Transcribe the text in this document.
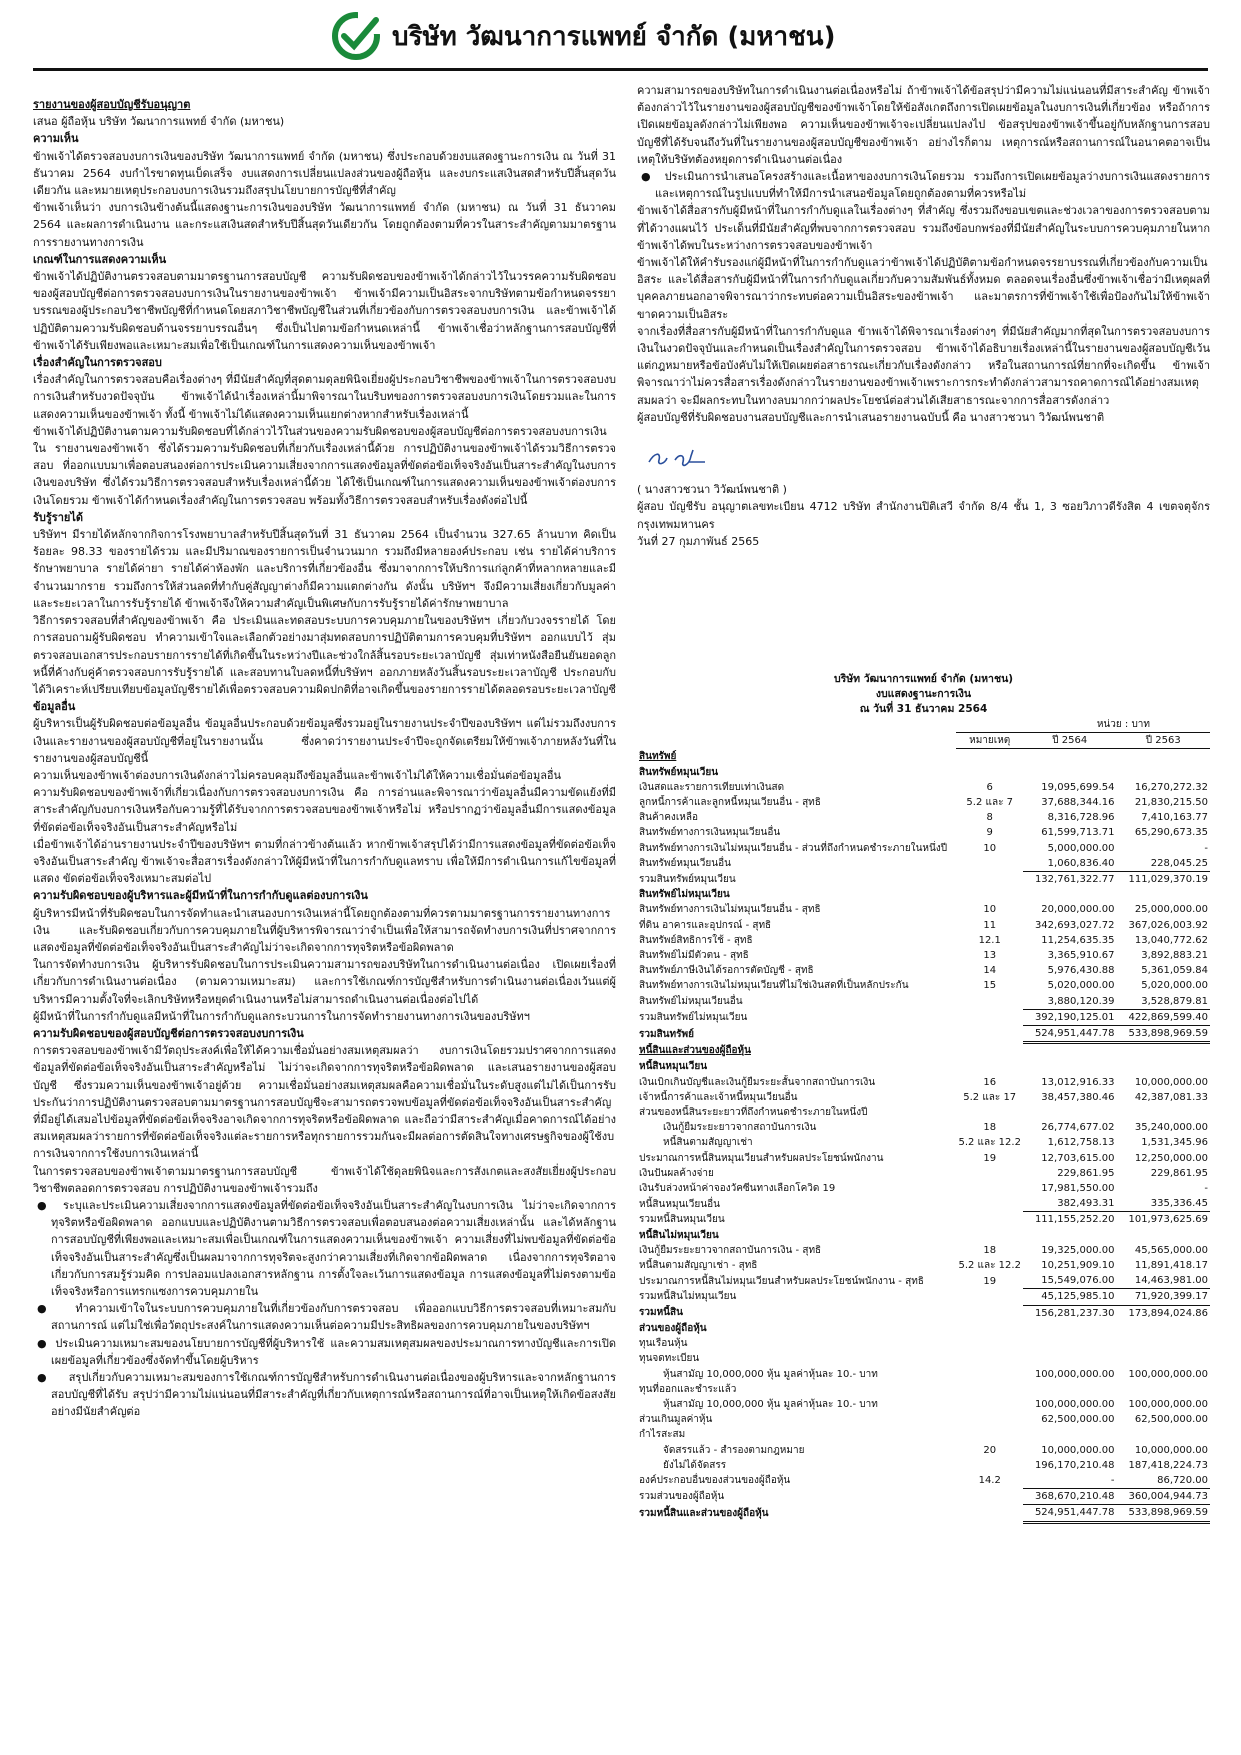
บริษัท วัฒนาการแพทย์ จำกัด (มหาชน)

รายงานของผู้สอบบัญชีรับอนุญาต

เสนอ ผู้ถือหุ้น บริษัท วัฒนาการแพทย์ จำกัด (มหาชน)

ความเห็น

ข้าพเจ้าได้ตรวจสอบงบการเงินของบริษัท วัฒนาการแพทย์ จำกัด (มหาชน) ซึ่งประกอบด้วยงบแสดงฐานะการเงิน ณ วันที่ 31 ธันวาคม 2564 งบกำไรขาดทุนเบ็ดเสร็จ งบแสดงการเปลี่ยนแปลงส่วนของผู้ถือหุ้น และงบกระแสเงินสดสำหรับปีสิ้นสุดวันเดียวกัน และหมายเหตุประกอบงบการเงินรวมถึงสรุปนโยบายการบัญชีที่สำคัญ

ข้าพเจ้าเห็นว่า งบการเงินข้างต้นนี้แสดงฐานะการเงินของบริษัท วัฒนาการแพทย์ จำกัด (มหาชน) ณ วันที่ 31 ธันวาคม 2564 และผลการดำเนินงาน และกระแสเงินสดสำหรับปีสิ้นสุดวันเดียวกัน โดยถูกต้องตามที่ควรในสาระสำคัญตามมาตรฐานการรายงานทางการเงิน

เกณฑ์ในการแสดงความเห็น

ข้าพเจ้าได้ปฏิบัติงานตรวจสอบตามมาตรฐานการสอบบัญชี ความรับผิดชอบของข้าพเจ้าได้กล่าวไว้ในวรรคความรับผิดชอบของผู้สอบบัญชีต่อการตรวจสอบงบการเงินในรายงานของข้าพเจ้า ข้าพเจ้ามีความเป็นอิสระจากบริษัทตามข้อกำหนดจรรยาบรรณของผู้ประกอบวิชาชีพบัญชีที่กำหนดโดยสภาวิชาชีพบัญชีในส่วนที่เกี่ยวข้องกับการตรวจสอบงบการเงิน และข้าพเจ้าได้ปฏิบัติตามความรับผิดชอบด้านจรรยาบรรณอื่นๆ ซึ่งเป็นไปตามข้อกำหนดเหล่านี้ ข้าพเจ้าเชื่อว่าหลักฐานการสอบบัญชีที่ข้าพเจ้าได้รับเพียงพอและเหมาะสมเพื่อใช้เป็นเกณฑ์ในการแสดงความเห็นของข้าพเจ้า

เรื่องสำคัญในการตรวจสอบ

เรื่องสำคัญในการตรวจสอบคือเรื่องต่างๆ ที่มีนัยสำคัญที่สุดตามดุลยพินิจเยี่ยงผู้ประกอบวิชาชีพของข้าพเจ้าในการตรวจสอบงบการเงินสำหรับงวดปัจจุบัน ข้าพเจ้าได้นำเรื่องเหล่านี้มาพิจารณาในบริบทของการตรวจสอบงบการเงินโดยรวมและในการแสดงความเห็นของข้าพเจ้า ทั้งนี้ ข้าพเจ้าไม่ได้แสดงความเห็นแยกต่างหากสำหรับเรื่องเหล่านี้

ข้าพเจ้าได้ปฏิบัติงานตามความรับผิดชอบที่ได้กล่าวไว้ในส่วนของความรับผิดชอบของผู้สอบบัญชีต่อการตรวจสอบงบการเงินใน รายงานของข้าพเจ้า ซึ่งได้รวมความรับผิดชอบที่เกี่ยวกับเรื่องเหล่านี้ด้วย การปฏิบัติงานของข้าพเจ้าได้รวมวิธีการตรวจสอบ ที่ออกแบบมาเพื่อตอบสนองต่อการประเมินความเสี่ยงจากการแสดงข้อมูลที่ขัดต่อข้อเท็จจริงอันเป็นสาระสำคัญในงบการเงินของบริษัท ซึ่งได้รวมวิธีการตรวจสอบสำหรับเรื่องเหล่านี้ด้วย ได้ใช้เป็นเกณฑ์ในการแสดงความเห็นของข้าพเจ้าต่องบการเงินโดยรวม ข้าพเจ้าได้กำหนดเรื่องสำคัญในการตรวจสอบ พร้อมทั้งวิธีการตรวจสอบสำหรับเรื่องดังต่อไปนี้

รับรู้รายได้

บริษัทฯ มีรายได้หลักจากกิจการโรงพยาบาลสำหรับปีสิ้นสุดวันที่ 31 ธันวาคม 2564 เป็นจำนวน 327.65 ล้านบาท คิดเป็นร้อยละ 98.33 ของรายได้รวม และมีปริมาณของรายการเป็นจำนวนมาก รวมถึงมีหลายองค์ประกอบ เช่น รายได้ค่าบริการรักษาพยาบาล รายได้ค่ายา รายได้ค่าห้องพัก และบริการที่เกี่ยวข้องอื่น ซึ่งมาจากการให้บริการแก่ลูกค้าที่หลากหลายและมีจำนวนมากราย รวมถึงการให้ส่วนลดที่ทำกับคู่สัญญาต่างก็มีความแตกต่างกัน ดังนั้น บริษัทฯ จึงมีความเสี่ยงเกี่ยวกับมูลค่าและระยะเวลาในการรับรู้รายได้ ข้าพเจ้าจึงให้ความสำคัญเป็นพิเศษกับการรับรู้รายได้ค่ารักษาพยาบาล

วิธีการตรวจสอบที่สำคัญของข้าพเจ้า คือ ประเมินและทดสอบระบบการควบคุมภายในของบริษัทฯ เกี่ยวกับวงจรรายได้ โดยการสอบถามผู้รับผิดชอบ ทำความเข้าใจและเลือกตัวอย่างมาสุ่มทดสอบการปฏิบัติตามการควบคุมที่บริษัทฯ ออกแบบไว้ สุ่มตรวจสอบเอกสารประกอบรายการรายได้ที่เกิดขึ้นในระหว่างปีและช่วงใกล้สิ้นรอบระยะเวลาบัญชี สุ่มเท่าหนังสือยืนยันยอดลูกหนี้ที่ค้างกับคู่ค้าตรวจสอบการรับรู้รายได้ และสอบทานใบลดหนี้ที่บริษัทฯ ออกภายหลังวันสิ้นรอบระยะเวลาบัญชี ประกอบกับได้วิเคราะห์เปรียบเทียบข้อมูลบัญชีรายได้เพื่อตรวจสอบความผิดปกติที่อาจเกิดขึ้นของรายการรายได้ตลอดรอบระยะเวลาบัญชี

ข้อมูลอื่น

ผู้บริหารเป็นผู้รับผิดชอบต่อข้อมูลอื่น ข้อมูลอื่นประกอบด้วยข้อมูลซึ่งรวมอยู่ในรายงานประจำปีของบริษัทฯ แต่ไม่รวมถึงงบการเงินและรายงานของผู้สอบบัญชีที่อยู่ในรายงานนั้น ซึ่งคาดว่ารายงานประจำปีจะถูกจัดเตรียมให้ข้าพเจ้าภายหลังวันที่ในรายงานของผู้สอบบัญชีนี้

ความเห็นของข้าพเจ้าต่องบการเงินดังกล่าวไม่ครอบคลุมถึงข้อมูลอื่นและข้าพเจ้าไม่ได้ให้ความเชื่อมั่นต่อข้อมูลอื่น

ความรับผิดชอบของข้าพเจ้าที่เกี่ยวเนื่องกับการตรวจสอบงบการเงิน คือ การอ่านและพิจารณาว่าข้อมูลอื่นมีความขัดแย้งที่มีสาระสำคัญกับงบการเงินหรือกับความรู้ที่ได้รับจากการตรวจสอบของข้าพเจ้าหรือไม่ หรือปรากฏว่าข้อมูลอื่นมีการแสดงข้อมูลที่ขัดต่อข้อเท็จจริงอันเป็นสาระสำคัญหรือไม่

เมื่อข้าพเจ้าได้อ่านรายงานประจำปีของบริษัทฯ ตามที่กล่าวข้างต้นแล้ว หากข้าพเจ้าสรุปได้ว่ามีการแสดงข้อมูลที่ขัดต่อข้อเท็จจริงอันเป็นสาระสำคัญ ข้าพเจ้าจะสื่อสารเรื่องดังกล่าวให้ผู้มีหน้าที่ในการกำกับดูแลทราบ เพื่อให้มีการดำเนินการแก้ไขข้อมูลที่แสดง ขัดต่อข้อเท็จจริงเหมาะสมต่อไป

ความรับผิดชอบของผู้บริหารและผู้มีหน้าที่ในการกำกับดูแลต่องบการเงิน

ผู้บริหารมีหน้าที่รับผิดชอบในการจัดทำและนำเสนองบการเงินเหล่านี้โดยถูกต้องตามที่ควรตามมาตรฐานการรายงานทางการเงิน และรับผิดชอบเกี่ยวกับการควบคุมภายในที่ผู้บริหารพิจารณาว่าจำเป็นเพื่อให้สามารถจัดทำงบการเงินที่ปราศจากการแสดงข้อมูลที่ขัดต่อข้อเท็จจริงอันเป็นสาระสำคัญไม่ว่าจะเกิดจากการทุจริตหรือข้อผิดพลาด

ในการจัดทำงบการเงิน ผู้บริหารรับผิดชอบในการประเมินความสามารถของบริษัทในการดำเนินงานต่อเนื่อง เปิดเผยเรื่องที่เกี่ยวกับการดำเนินงานต่อเนื่อง (ตามความเหมาะสม) และการใช้เกณฑ์การบัญชีสำหรับการดำเนินงานต่อเนื่องเว้นแต่ผู้บริหารมีความตั้งใจที่จะเลิกบริษัทหรือหยุดดำเนินงานหรือไม่สามารถดำเนินงานต่อเนื่องต่อไปได้

ผู้มีหน้าที่ในการกำกับดูแลมีหน้าที่ในการกำกับดูแลกระบวนการในการจัดทำรายงานทางการเงินของบริษัทฯ

ความรับผิดชอบของผู้สอบบัญชีต่อการตรวจสอบงบการเงิน

การตรวจสอบของข้าพเจ้ามีวัตถุประสงค์เพื่อให้ได้ความเชื่อมั่นอย่างสมเหตุสมผลว่า งบการเงินโดยรวมปราศจากการแสดงข้อมูลที่ขัดต่อข้อเท็จจริงอันเป็นสาระสำคัญหรือไม่ ไม่ว่าจะเกิดจากการทุจริตหรือข้อผิดพลาด และเสนอรายงานของผู้สอบบัญชี ซึ่งรวมความเห็นของข้าพเจ้าอยู่ด้วย ความเชื่อมั่นอย่างสมเหตุสมผลคือความเชื่อมั่นในระดับสูงแต่ไม่ได้เป็นการรับประกันว่าการปฏิบัติงานตรวจสอบตามมาตรฐานการสอบบัญชีจะสามารถตรวจพบข้อมูลที่ขัดต่อข้อเท็จจริงอันเป็นสาระสำคัญที่มีอยู่ได้เสมอไปข้อมูลที่ขัดต่อข้อเท็จจริงอาจเกิดจากการทุจริตหรือข้อผิดพลาด และถือว่ามีสาระสำคัญเมื่อคาดการณ์ได้อย่างสมเหตุสมผลว่ารายการที่ขัดต่อข้อเท็จจริงแต่ละรายการหรือทุกรายการรวมกันจะมีผลต่อการตัดสินใจทางเศรษฐกิจของผู้ใช้งบการเงินจากการใช้งบการเงินเหล่านี้

ในการตรวจสอบของข้าพเจ้าตามมาตรฐานการสอบบัญชี ข้าพเจ้าได้ใช้ดุลยพินิจและการสังเกตและสงสัยเยี่ยงผู้ประกอบวิชาชีพตลอดการตรวจสอบ การปฏิบัติงานของข้าพเจ้ารวมถึง

● ระบุและประเมินความเสี่ยงจากการแสดงข้อมูลที่ขัดต่อข้อเท็จจริงอันเป็นสาระสำคัญในงบการเงิน ไม่ว่าจะเกิดจากการทุจริตหรือข้อผิดพลาด ออกแบบและปฏิบัติงานตามวิธีการตรวจสอบเพื่อตอบสนองต่อความเสี่ยงเหล่านั้น และได้หลักฐานการสอบบัญชีที่เพียงพอและเหมาะสมเพื่อเป็นเกณฑ์ในการแสดงความเห็นของข้าพเจ้า ความเสี่ยงที่ไม่พบข้อมูลที่ขัดต่อข้อเท็จจริงอันเป็นสาระสำคัญซึ่งเป็นผลมาจากการทุจริตจะสูงกว่าความเสี่ยงที่เกิดจากข้อผิดพลาด เนื่องจากการทุจริตอาจเกี่ยวกับการสมรู้ร่วมคิด การปลอมแปลงเอกสารหลักฐาน การตั้งใจละเว้นการแสดงข้อมูล การแสดงข้อมูลที่ไม่ตรงตามข้อเท็จจริงหรือการแทรกแซงการควบคุมภายใน

● ทำความเข้าใจในระบบการควบคุมภายในที่เกี่ยวข้องกับการตรวจสอบ เพื่อออกแบบวิธีการตรวจสอบที่เหมาะสมกับสถานการณ์ แต่ไม่ใช่เพื่อวัตถุประสงค์ในการแสดงความเห็นต่อความมีประสิทธิผลของการควบคุมภายในของบริษัทฯ

● ประเมินความเหมาะสมของนโยบายการบัญชีที่ผู้บริหารใช้ และความสมเหตุสมผลของประมาณการทางบัญชีและการเปิดเผยข้อมูลที่เกี่ยวข้องซึ่งจัดทำขึ้นโดยผู้บริหาร

● สรุปเกี่ยวกับความเหมาะสมของการใช้เกณฑ์การบัญชีสำหรับการดำเนินงานต่อเนื่องของผู้บริหารและจากหลักฐานการสอบบัญชีที่ได้รับ สรุปว่ามีความไม่แน่นอนที่มีสาระสำคัญที่เกี่ยวกับเหตุการณ์หรือสถานการณ์ที่อาจเป็นเหตุให้เกิดข้อสงสัยอย่างมีนัยสำคัญต่อ

ความสามารถของบริษัทในการดำเนินงานต่อเนื่องหรือไม่ ถ้าข้าพเจ้าได้ข้อสรุปว่ามีความไม่แน่นอนที่มีสาระสำคัญ ข้าพเจ้าต้องกล่าวไว้ในรายงานของผู้สอบบัญชีของข้าพเจ้าโดยให้ข้อสังเกตถึงการเปิดเผยข้อมูลในงบการเงินที่เกี่ยวข้อง หรือถ้าการเปิดเผยข้อมูลดังกล่าวไม่เพียงพอ ความเห็นของข้าพเจ้าจะเปลี่ยนแปลงไป ข้อสรุปของข้าพเจ้าขึ้นอยู่กับหลักฐานการสอบบัญชีที่ได้รับจนถึงวันที่ในรายงานของผู้สอบบัญชีของข้าพเจ้า อย่างไรก็ตาม เหตุการณ์หรือสถานการณ์ในอนาคตอาจเป็นเหตุให้บริษัทต้องหยุดการดำเนินงานต่อเนื่อง

● ประเมินการนำเสนอโครงสร้างและเนื้อหาของงบการเงินโดยรวม รวมถึงการเปิดเผยข้อมูลว่างบการเงินแสดงรายการและเหตุการณ์ในรูปแบบที่ทำให้มีการนำเสนอข้อมูลโดยถูกต้องตามที่ควรหรือไม่

ข้าพเจ้าได้สื่อสารกับผู้มีหน้าที่ในการกำกับดูแลในเรื่องต่างๆ ที่สำคัญ ซึ่งรวมถึงขอบเขตและช่วงเวลาของการตรวจสอบตามที่ได้วางแผนไว้ ประเด็นที่มีนัยสำคัญที่พบจากการตรวจสอบ รวมถึงข้อบกพร่องที่มีนัยสำคัญในระบบการควบคุมภายในหากข้าพเจ้าได้พบในระหว่างการตรวจสอบของข้าพเจ้า

ข้าพเจ้าได้ให้คำรับรองแก่ผู้มีหน้าที่ในการกำกับดูแลว่าข้าพเจ้าได้ปฏิบัติตามข้อกำหนดจรรยาบรรณที่เกี่ยวข้องกับความเป็นอิสระ และได้สื่อสารกับผู้มีหน้าที่ในการกำกับดูแลเกี่ยวกับความสัมพันธ์ทั้งหมด ตลอดจนเรื่องอื่นซึ่งข้าพเจ้าเชื่อว่ามีเหตุผลที่บุคคลภายนอกอาจพิจารณาว่ากระทบต่อความเป็นอิสระของข้าพเจ้า และมาตรการที่ข้าพเจ้าใช้เพื่อป้องกันไม่ให้ข้าพเจ้าขาดความเป็นอิสระ

จากเรื่องที่สื่อสารกับผู้มีหน้าที่ในการกำกับดูแล ข้าพเจ้าได้พิจารณาเรื่องต่างๆ ที่มีนัยสำคัญมากที่สุดในการตรวจสอบงบการเงินในงวดปัจจุบันและกำหนดเป็นเรื่องสำคัญในการตรวจสอบ ข้าพเจ้าได้อธิบายเรื่องเหล่านี้ในรายงานของผู้สอบบัญชีเว้นแต่กฎหมายหรือข้อบังคับไม่ให้เปิดเผยต่อสาธารณะเกี่ยวกับเรื่องดังกล่าว หรือในสถานการณ์ที่ยากที่จะเกิดขึ้น ข้าพเจ้าพิจารณาว่าไม่ควรสื่อสารเรื่องดังกล่าวในรายงานของข้าพเจ้าเพราะการกระทำดังกล่าวสามารถคาดการณ์ได้อย่างสมเหตุสมผลว่า จะมีผลกระทบในทางลบมากกว่าผลประโยชน์ต่อส่วนได้เสียสาธารณะจากการสื่อสารดังกล่าว

ผู้สอบบัญชีที่รับผิดชอบงานสอบบัญชีและการนำเสนอรายงานฉบับนี้ คือ นางสาวชวนา วิวัฒน์พนชาติ

( นางสาวชวนา วิวัฒน์พนชาติ )

ผู้สอบ บัญชีรับ อนุญาตเลขทะเบียน 4712 บริษัท สำนักงานปิติเสวี จำกัด 8/4 ชั้น 1, 3 ซอยวิภาวดีรังสิต 4 เขตจตุจักร กรุงเทพมหานคร

วันที่ 27 กุมภาพันธ์ 2565

บริษัท วัฒนาการแพทย์ จำกัด (มหาชน)

งบแสดงฐานะการเงิน

ณ วันที่ 31 ธันวาคม 2564

		หน่วย : บาท	
	หมายเหตุ	ปี 2564	ปี 2563
สินทรัพย์			
สินทรัพย์หมุนเวียน			
เงินสดและรายการเทียบเท่าเงินสด	6	19,095,699.54	16,270,272.32
ลูกหนี้การค้าและลูกหนี้หมุนเวียนอื่น - สุทธิ	5.2 และ 7	37,688,344.16	21,830,215.50
สินค้าคงเหลือ	8	8,316,728.96	7,410,163.77
สินทรัพย์ทางการเงินหมุนเวียนอื่น	9	61,599,713.71	65,290,673.35
สินทรัพย์ทางการเงินไม่หมุนเวียนอื่น - ส่วนที่ถึงกำหนดชำระภายในหนึ่งปี	10	5,000,000.00	-
สินทรัพย์หมุนเวียนอื่น		1,060,836.40	228,045.25
รวมสินทรัพย์หมุนเวียน		132,761,322.77	111,029,370.19
สินทรัพย์ไม่หมุนเวียน			
สินทรัพย์ทางการเงินไม่หมุนเวียนอื่น - สุทธิ	10	20,000,000.00	25,000,000.00
ที่ดิน อาคารและอุปกรณ์ - สุทธิ	11	342,693,027.72	367,026,003.92
สินทรัพย์สิทธิการใช้ - สุทธิ	12.1	11,254,635.35	13,040,772.62
สินทรัพย์ไม่มีตัวตน - สุทธิ	13	3,365,910.67	3,892,883.21
สินทรัพย์ภาษีเงินได้รอการตัดบัญชี - สุทธิ	14	5,976,430.88	5,361,059.84
สินทรัพย์ทางการเงินไม่หมุนเวียนที่ไม่ใช่เงินสดที่เป็นหลักประกัน	15	5,020,000.00	5,020,000.00
สินทรัพย์ไม่หมุนเวียนอื่น		3,880,120.39	3,528,879.81
รวมสินทรัพย์ไม่หมุนเวียน		392,190,125.01	422,869,599.40
รวมสินทรัพย์		524,951,447.78	533,898,969.59
หนี้สินและส่วนของผู้ถือหุ้น			
หนี้สินหมุนเวียน			
เงินเบิกเกินบัญชีและเงินกู้ยืมระยะสั้นจากสถาบันการเงิน	16	13,012,916.33	10,000,000.00
เจ้าหนี้การค้าและเจ้าหนี้หมุนเวียนอื่น	5.2 และ 17	38,457,380.46	42,387,081.33
ส่วนของหนี้สินระยะยาวที่ถึงกำหนดชำระภายในหนึ่งปี			
เงินกู้ยืมระยะยาวจากสถาบันการเงิน	18	26,774,677.02	35,240,000.00
หนี้สินตามสัญญาเช่า	5.2 และ 12.2	1,612,758.13	1,531,345.96
ประมาณการหนี้สินหมุนเวียนสำหรับผลประโยชน์พนักงาน	19	12,703,615.00	12,250,000.00
เงินปันผลค้างจ่าย		229,861.95	229,861.95
เงินรับล่วงหน้าค่าจองวัคซีนทางเลือกโควิด 19		17,981,550.00	-
หนี้สินหมุนเวียนอื่น		382,493.31	335,336.45
รวมหนี้สินหมุนเวียน		111,155,252.20	101,973,625.69
หนี้สินไม่หมุนเวียน			
เงินกู้ยืมระยะยาวจากสถาบันการเงิน - สุทธิ	18	19,325,000.00	45,565,000.00
หนี้สินตามสัญญาเช่า - สุทธิ	5.2 และ 12.2	10,251,909.10	11,891,418.17
ประมาณการหนี้สินไม่หมุนเวียนสำหรับผลประโยชน์พนักงาน - สุทธิ	19	15,549,076.00	14,463,981.00
รวมหนี้สินไม่หมุนเวียน		45,125,985.10	71,920,399.17
รวมหนี้สิน		156,281,237.30	173,894,024.86
ส่วนของผู้ถือหุ้น			
ทุนเรือนหุ้น			
ทุนจดทะเบียน			
หุ้นสามัญ 10,000,000 หุ้น มูลค่าหุ้นละ 10.- บาท		100,000,000.00	100,000,000.00
ทุนที่ออกและชำระแล้ว			
หุ้นสามัญ 10,000,000 หุ้น มูลค่าหุ้นละ 10.- บาท		100,000,000.00	100,000,000.00
ส่วนเกินมูลค่าหุ้น		62,500,000.00	62,500,000.00
กำไรสะสม			
จัดสรรแล้ว - สำรองตามกฎหมาย	20	10,000,000.00	10,000,000.00
ยังไม่ได้จัดสรร		196,170,210.48	187,418,224.73
องค์ประกอบอื่นของส่วนของผู้ถือหุ้น	14.2	-	86,720.00
รวมส่วนของผู้ถือหุ้น		368,670,210.48	360,004,944.73
รวมหนี้สินและส่วนของผู้ถือหุ้น		524,951,447.78	533,898,969.59
